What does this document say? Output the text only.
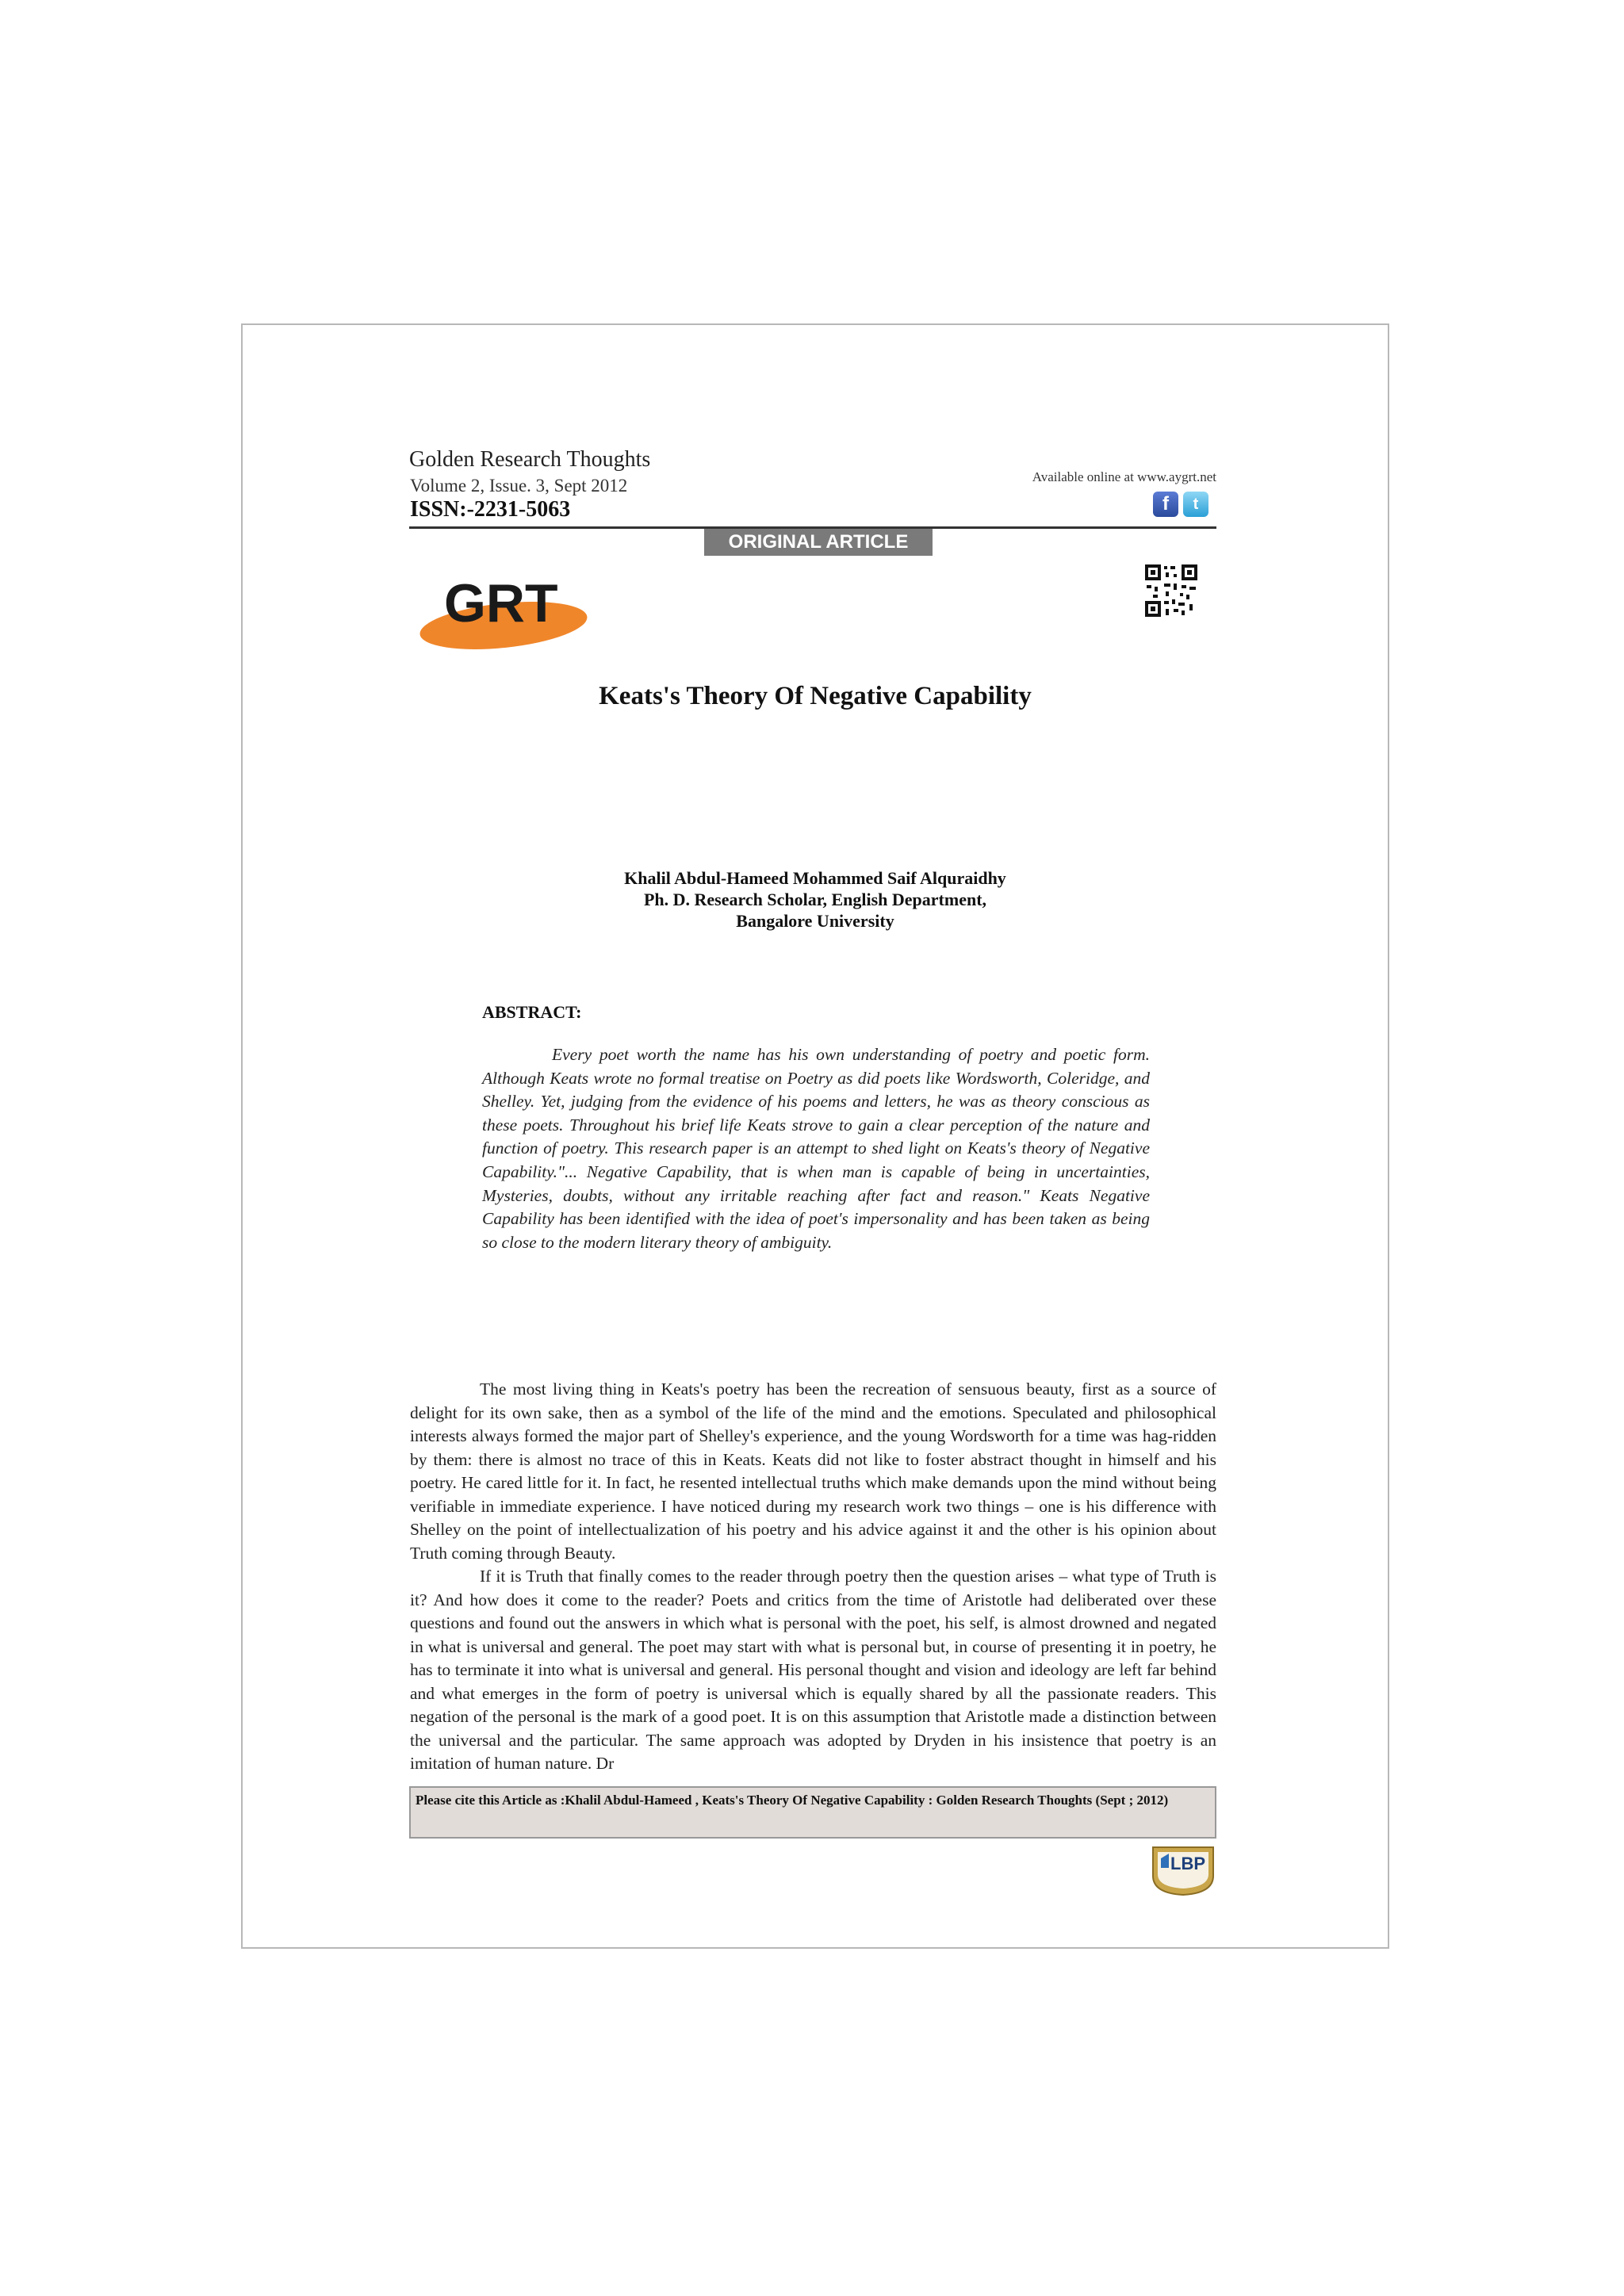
Golden Research Thoughts
Volume 2, Issue. 3, Sept 2012
ISSN:-2231-5063
Available online at www.aygrt.net
f	t
ORIGINAL ARTICLE
GRT
Keats's Theory Of Negative Capability
Khalil Abdul-Hameed Mohammed Saif Alquraidhy
Ph. D. Research Scholar, English Department,
Bangalore University
ABSTRACT:

Every poet worth the name has his own understanding of poetry and poetic form. Although Keats wrote no formal treatise on Poetry as did poets like Wordsworth, Coleridge, and Shelley. Yet, judging from the evidence of his poems and letters, he was as theory conscious as these poets. Throughout his brief life Keats strove to gain a clear perception of the nature and function of poetry. This research paper is an attempt to shed light on Keats's theory of Negative Capability."... Negative Capability, that is when man is capable of being in uncertainties, Mysteries, doubts, without any irritable reaching after fact and reason." Keats Negative Capability has been identified with the idea of poet's impersonality and has been taken as being so close to the modern literary theory of ambiguity.

The most living thing in Keats's poetry has been the recreation of sensuous beauty, first as a source of delight for its own sake, then as a symbol of the life of the mind and the emotions. Speculated and philosophical interests always formed the major part of Shelley's experience, and the young Wordsworth for a time was hag-ridden by them: there is almost no trace of this in Keats. Keats did not like to foster abstract thought in himself and his poetry. He cared little for it. In fact, he resented intellectual truths which make demands upon the mind without being verifiable in immediate experience. I have noticed during my research work two things – one is his difference with Shelley on the point of intellectualization of his poetry and his advice against it and the other is his opinion about Truth coming through Beauty.

If it is Truth that finally comes to the reader through poetry then the question arises – what type of Truth is it? And how does it come to the reader? Poets and critics from the time of Aristotle had deliberated over these questions and found out the answers in which what is personal with the poet, his self, is almost drowned and negated in what is universal and general. The poet may start with what is personal but, in course of presenting it in poetry, he has to terminate it into what is universal and general. His personal thought and vision and ideology are left far behind and what emerges in the form of poetry is universal which is equally shared by all the passionate readers. This negation of the personal is the mark of a good poet. It is on this assumption that Aristotle made a distinction between the universal and the particular. The same approach was adopted by Dryden in his insistence that poetry is an imitation of human nature. Dr

Please cite this Article as :Khalil Abdul-Hameed , Keats's Theory Of Negative Capability : Golden Research Thoughts (Sept ; 2012)
LBP
